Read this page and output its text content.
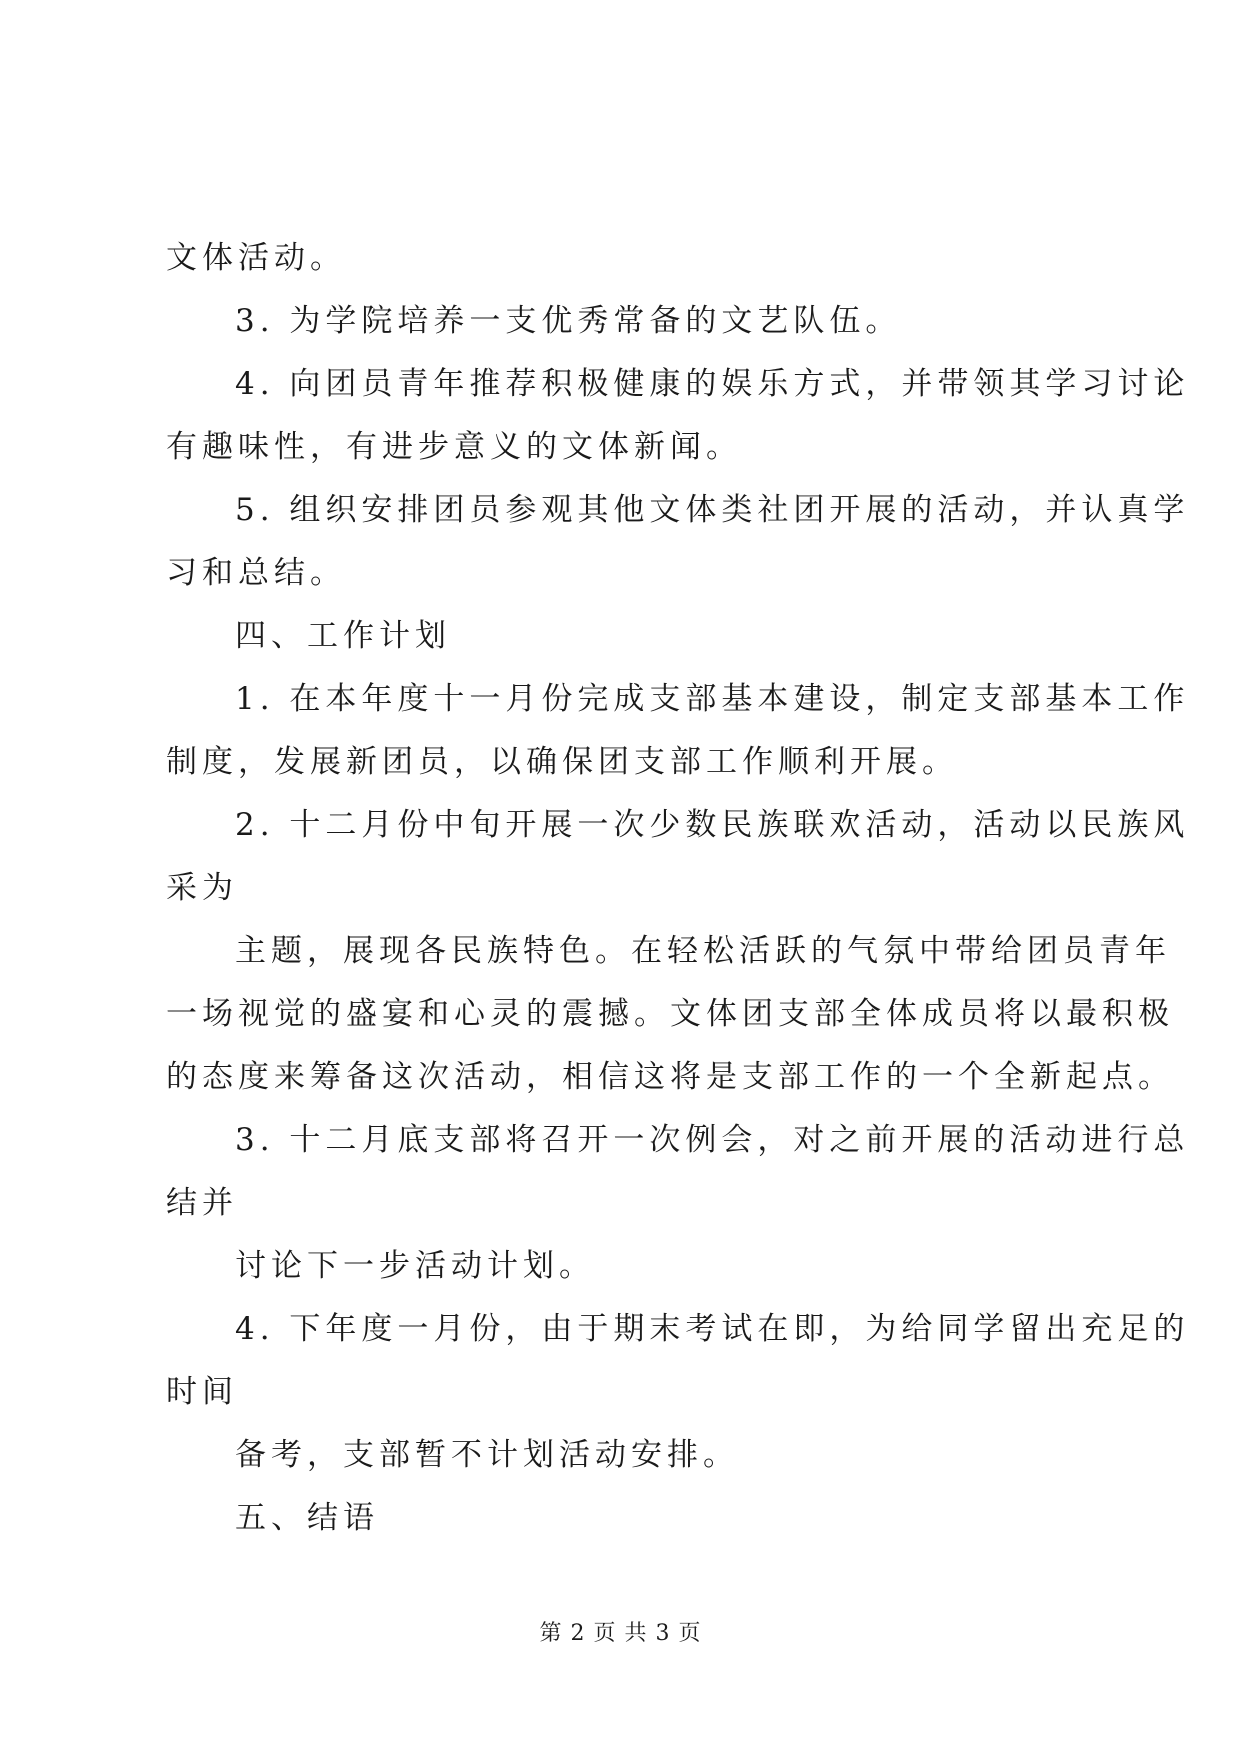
文体活动。
3. 为学院培养一支优秀常备的文艺队伍。
4. 向团员青年推荐积极健康的娱乐方式，并带领其学习讨论
有趣味性，有进步意义的文体新闻。
5. 组织安排团员参观其他文体类社团开展的活动，并认真学
习和总结。
四、工作计划
1. 在本年度十一月份完成支部基本建设，制定支部基本工作
制度，发展新团员，以确保团支部工作顺利开展。
2. 十二月份中旬开展一次少数民族联欢活动，活动以民族风
采为
主题，展现各民族特色。在轻松活跃的气氛中带给团员青年
一场视觉的盛宴和心灵的震撼。文体团支部全体成员将以最积极
的态度来筹备这次活动，相信这将是支部工作的一个全新起点。
3. 十二月底支部将召开一次例会，对之前开展的活动进行总
结并
讨论下一步活动计划。
4. 下年度一月份，由于期末考试在即，为给同学留出充足的
时间
备考，支部暂不计划活动安排。
五、结语
第 2 页 共 3 页
